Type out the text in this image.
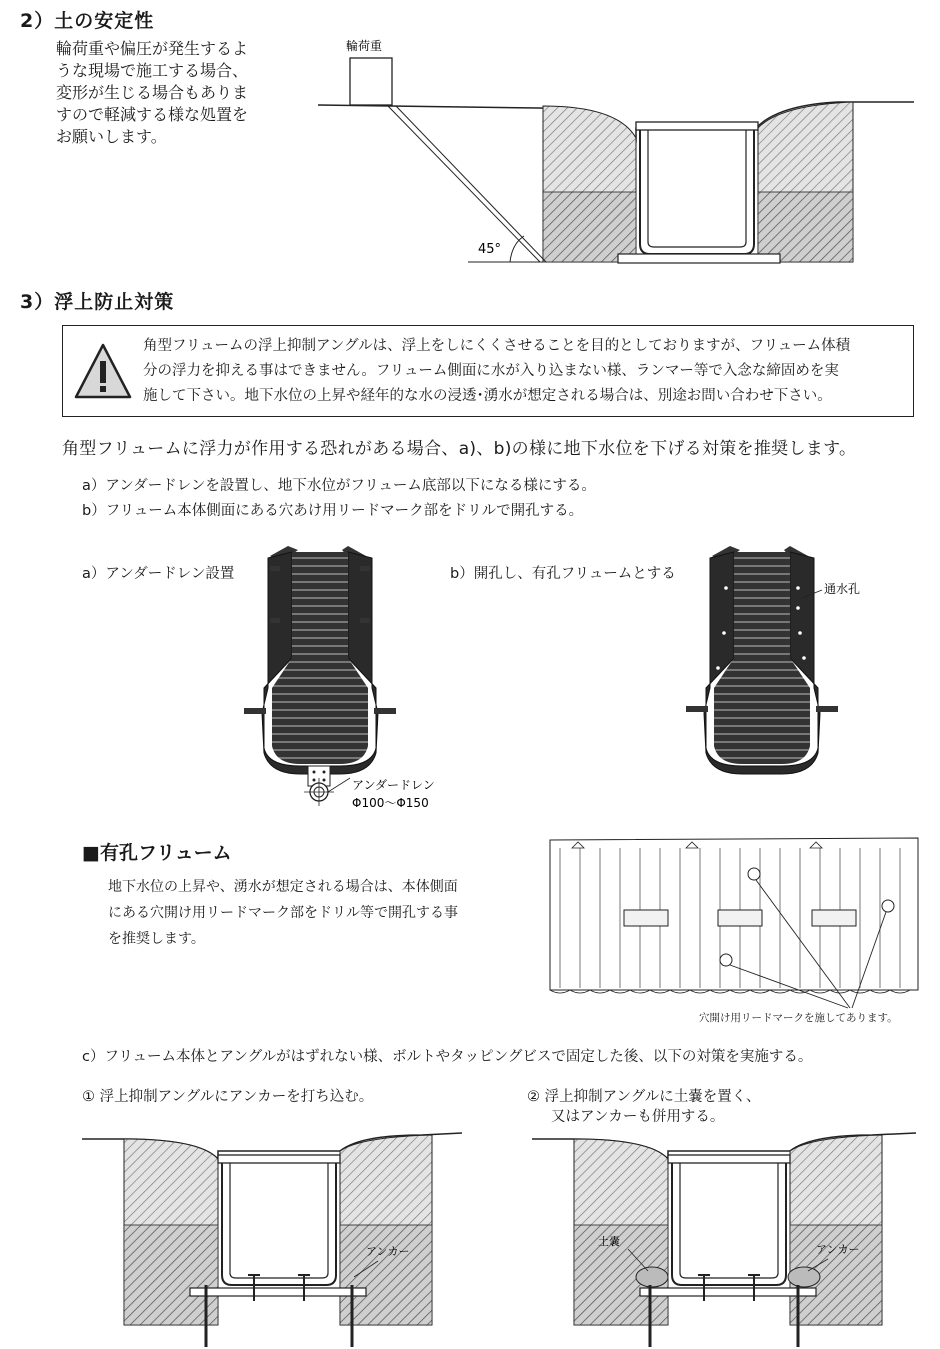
2）土の安定性
輪荷重や偏圧が発生するよ
うな現場で施工する場合、
変形が生じる場合もありま
すので軽減する様な処置を
お願いします。
輪荷重
45°
3）浮上防止対策
角型フリュームの浮上抑制アングルは、浮上をしにくくさせることを目的としておりますが、フリューム体積
分の浮力を抑える事はできません。フリューム側面に水が入り込まない様、ランマー等で入念な締固めを実
施して下さい。地下水位の上昇や経年的な水の浸透･湧水が想定される場合は、別途お問い合わせ下さい。
角型フリュームに浮力が作用する恐れがある場合、a)、b)の様に地下水位を下げる対策を推奨します。
a）アンダードレンを設置し、地下水位がフリューム底部以下になる様にする。
b）フリューム本体側面にある穴あけ用リードマーク部をドリルで開孔する。
a）アンダードレン設置
アンダードレン
Φ100〜Φ150
b）開孔し、有孔フリュームとする
通水孔
■有孔フリューム
地下水位の上昇や、湧水が想定される場合は、本体側面
にある穴開け用リードマーク部をドリル等で開孔する事
を推奨します。
穴開け用リードマークを施してあります。
c）フリューム本体とアングルがはずれない様、ボルトやタッピングビスで固定した後、以下の対策を実施する。
① 浮上抑制アングルにアンカーを打ち込む。
アンカー
② 浮上抑制アングルに土嚢を置く、
又はアンカーも併用する。
土嚢
アンカー
